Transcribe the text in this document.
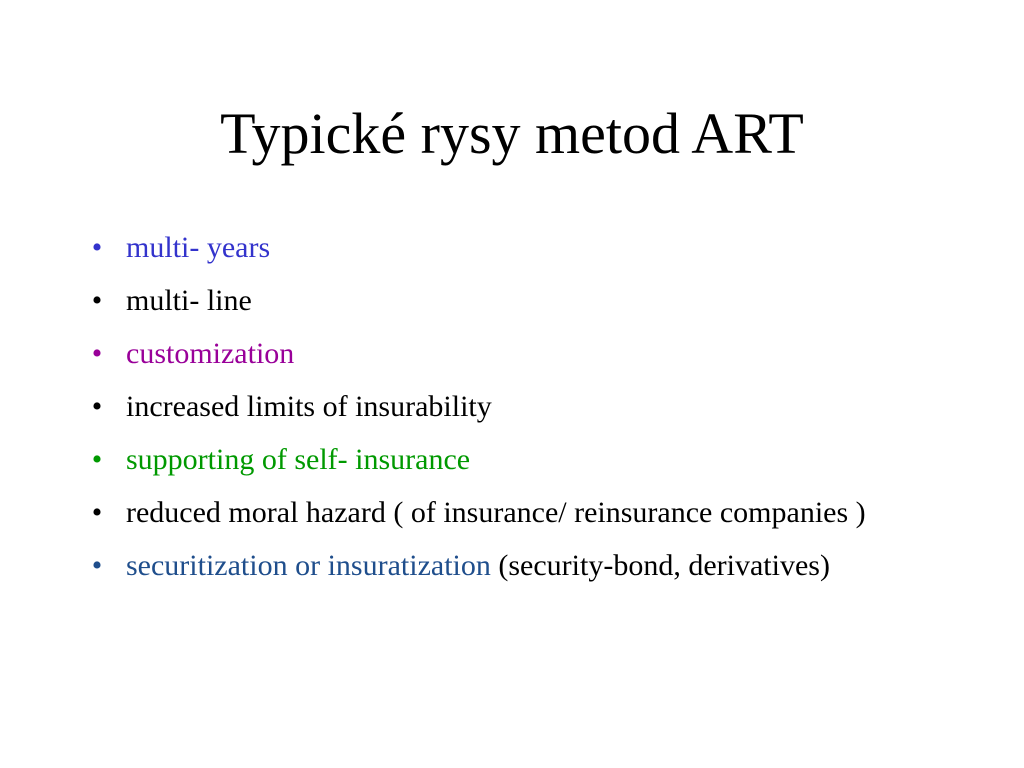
Typické rysy metod ART
• multi- years
• multi- line
• customization
• increased limits of insurability
• supporting of self- insurance
• reduced moral hazard ( of insurance/ reinsurance companies )
• securitization or insuratization (security-bond, derivatives)
